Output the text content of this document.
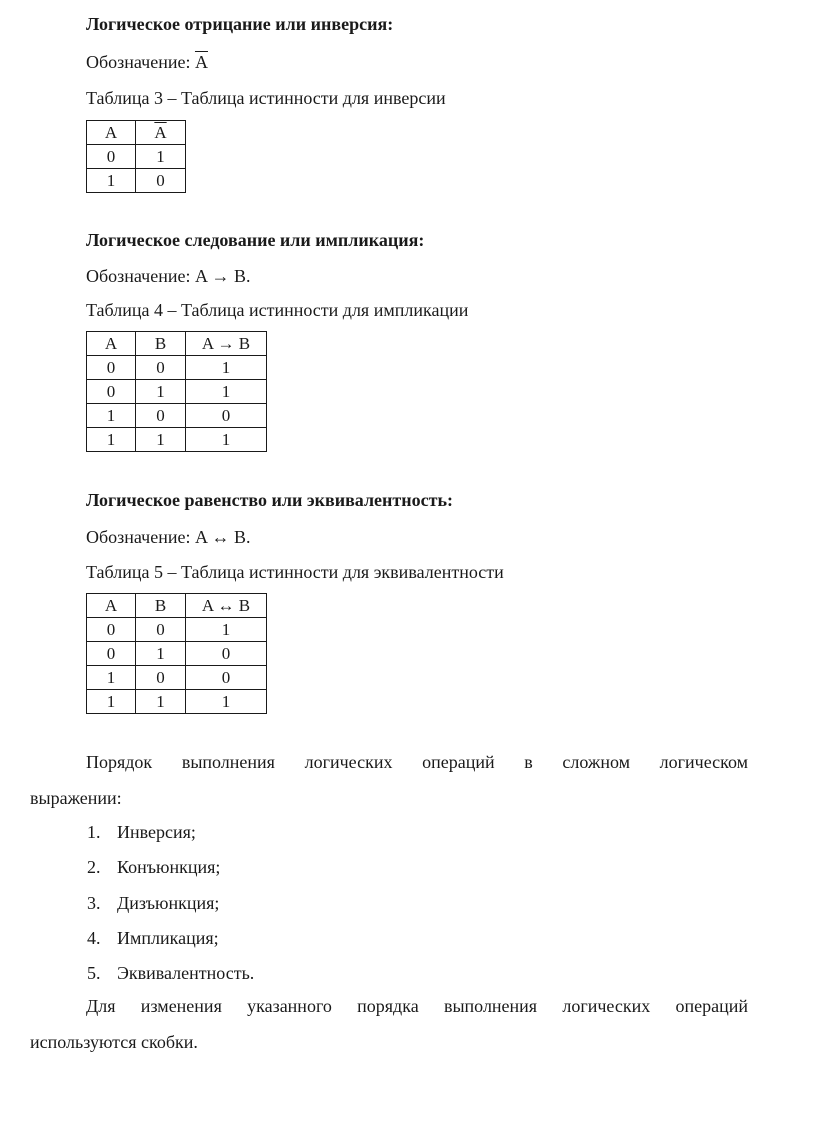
Логическое отрицание или инверсия:
Обозначение: $\overline{A}$
Таблица 3 – Таблица истинности для инверсии
A	$\overline{A}$
0	1
1	0
Логическое следование или импликация:
Обозначение: A → B.
Таблица 4 – Таблица истинности для импликации
A	B	A → B
0	0	1
0	1	1
1	0	0
1	1	1
Логическое равенство или эквивалентность:
Обозначение: A ↔ B.
Таблица 5 – Таблица истинности для эквивалентности
A	B	A ↔ B
0	0	1
0	1	0
1	0	0
1	1	1
Порядок выполнения логических операций в сложном логическом
выражении:
1. Инверсия;
2. Конъюнкция;
3. Дизъюнкция;
4. Импликация;
5. Эквивалентность.
Для изменения указанного порядка выполнения логических операций
используются скобки.
